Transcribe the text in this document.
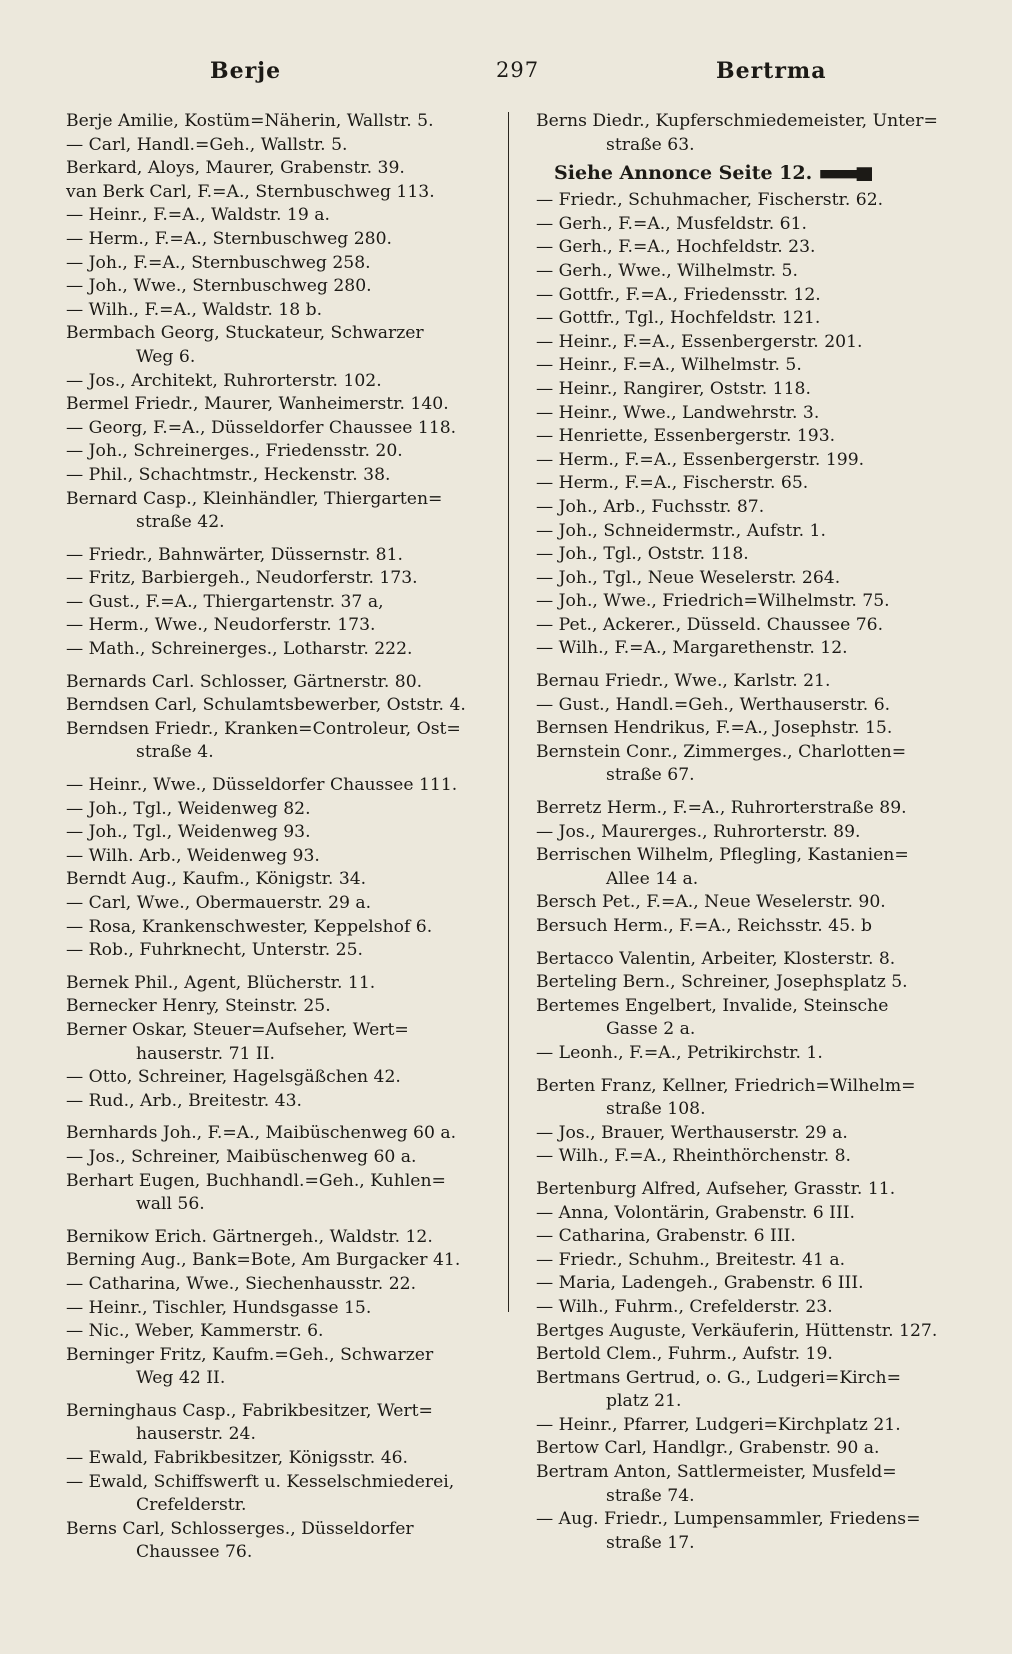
Berje	297	Bertrma
Berje Amilie, Kostüm=Näherin, Wallstr. 5.
— Carl, Handl.=Geh., Wallstr. 5.
Berkard, Aloys, Maurer, Grabenstr. 39.
van Berk Carl, F.=A., Sternbuschweg 113.
— Heinr., F.=A., Waldstr. 19 a.
— Herm., F.=A., Sternbuschweg 280.
— Joh., F.=A., Sternbuschweg 258.
— Joh., Wwe., Sternbuschweg 280.
— Wilh., F.=A., Waldstr. 18 b.
Bermbach Georg, Stuckateur, Schwarzer
Weg 6.
— Jos., Architekt, Ruhrorterstr. 102.
Bermel Friedr., Maurer, Wanheimerstr. 140.
— Georg, F.=A., Düsseldorfer Chaussee 118.
— Joh., Schreinerges., Friedensstr. 20.
— Phil., Schachtmstr., Heckenstr. 38.
Bernard Casp., Kleinhändler, Thiergarten=
straße 42.
— Friedr., Bahnwärter, Düssernstr. 81.
— Fritz, Barbiergeh., Neudorferstr. 173.
— Gust., F.=A., Thiergartenstr. 37 a,
— Herm., Wwe., Neudorferstr. 173.
— Math., Schreinerges., Lotharstr. 222.
Bernards Carl. Schlosser, Gärtnerstr. 80.
Berndsen Carl, Schulamtsbewerber, Oststr. 4.
Berndsen Friedr., Kranken=Controleur, Ost=
straße 4.
— Heinr., Wwe., Düsseldorfer Chaussee 111.
— Joh., Tgl., Weidenweg 82.
— Joh., Tgl., Weidenweg 93.
— Wilh. Arb., Weidenweg 93.
Berndt Aug., Kaufm., Königstr. 34.
— Carl, Wwe., Obermauerstr. 29 a.
— Rosa, Krankenschwester, Keppelshof 6.
— Rob., Fuhrknecht, Unterstr. 25.
Bernek Phil., Agent, Blücherstr. 11.
Bernecker Henry, Steinstr. 25.
Berner Oskar, Steuer=Aufseher, Wert=
hauserstr. 71 II.
— Otto, Schreiner, Hagelsgäßchen 42.
— Rud., Arb., Breitestr. 43.
Bernhards Joh., F.=A., Maibüschenweg 60 a.
— Jos., Schreiner, Maibüschenweg 60 a.
Berhart Eugen, Buchhandl.=Geh., Kuhlen=
wall 56.
Bernikow Erich. Gärtnergeh., Waldstr. 12.
Berning Aug., Bank=Bote, Am Burgacker 41.
— Catharina, Wwe., Siechenhausstr. 22.
— Heinr., Tischler, Hundsgasse 15.
— Nic., Weber, Kammerstr. 6.
Berninger Fritz, Kaufm.=Geh., Schwarzer
Weg 42 II.
Berninghaus Casp., Fabrikbesitzer, Wert=
hauserstr. 24.
— Ewald, Fabrikbesitzer, Königsstr. 46.
— Ewald, Schiffswerft u. Kesselschmiederei,
Crefelderstr.
Berns Carl, Schlosserges., Düsseldorfer
Chaussee 76.
Berns Diedr., Kupferschmiedemeister, Unter=
straße 63.
Siehe Annonce Seite 12.
— Friedr., Schuhmacher, Fischerstr. 62.
— Gerh., F.=A., Musfeldstr. 61.
— Gerh., F.=A., Hochfeldstr. 23.
— Gerh., Wwe., Wilhelmstr. 5.
— Gottfr., F.=A., Friedensstr. 12.
— Gottfr., Tgl., Hochfeldstr. 121.
— Heinr., F.=A., Essenbergerstr. 201.
— Heinr., F.=A., Wilhelmstr. 5.
— Heinr., Rangirer, Oststr. 118.
— Heinr., Wwe., Landwehrstr. 3.
— Henriette, Essenbergerstr. 193.
— Herm., F.=A., Essenbergerstr. 199.
— Herm., F.=A., Fischerstr. 65.
— Joh., Arb., Fuchsstr. 87.
— Joh., Schneidermstr., Aufstr. 1.
— Joh., Tgl., Oststr. 118.
— Joh., Tgl., Neue Weselerstr. 264.
— Joh., Wwe., Friedrich=Wilhelmstr. 75.
— Pet., Ackerer., Düsseld. Chaussee 76.
— Wilh., F.=A., Margarethenstr. 12.
Bernau Friedr., Wwe., Karlstr. 21.
— Gust., Handl.=Geh., Werthauserstr. 6.
Bernsen Hendrikus, F.=A., Josephstr. 15.
Bernstein Conr., Zimmerges., Charlotten=
straße 67.
Berretz Herm., F.=A., Ruhrorterstraße 89.
— Jos., Maurerges., Ruhrorterstr. 89.
Berrischen Wilhelm, Pflegling, Kastanien=
Allee 14 a.
Bersch Pet., F.=A., Neue Weselerstr. 90.
Bersuch Herm., F.=A., Reichsstr. 45. b
Bertacco Valentin, Arbeiter, Klosterstr. 8.
Berteling Bern., Schreiner, Josephsplatz 5.
Bertemes Engelbert, Invalide, Steinsche
Gasse 2 a.
— Leonh., F.=A., Petrikirchstr. 1.
Berten Franz, Kellner, Friedrich=Wilhelm=
straße 108.
— Jos., Brauer, Werthauserstr. 29 a.
— Wilh., F.=A., Rheinthörchenstr. 8.
Bertenburg Alfred, Aufseher, Grasstr. 11.
— Anna, Volontärin, Grabenstr. 6 III.
— Catharina, Grabenstr. 6 III.
— Friedr., Schuhm., Breitestr. 41 a.
— Maria, Ladengeh., Grabenstr. 6 III.
— Wilh., Fuhrm., Crefelderstr. 23.
Bertges Auguste, Verkäuferin, Hüttenstr. 127.
Bertold Clem., Fuhrm., Aufstr. 19.
Bertmans Gertrud, o. G., Ludgeri=Kirch=
platz 21.
— Heinr., Pfarrer, Ludgeri=Kirchplatz 21.
Bertow Carl, Handlgr., Grabenstr. 90 a.
Bertram Anton, Sattlermeister, Musfeld=
straße 74.
— Aug. Friedr., Lumpensammler, Friedens=
straße 17.
